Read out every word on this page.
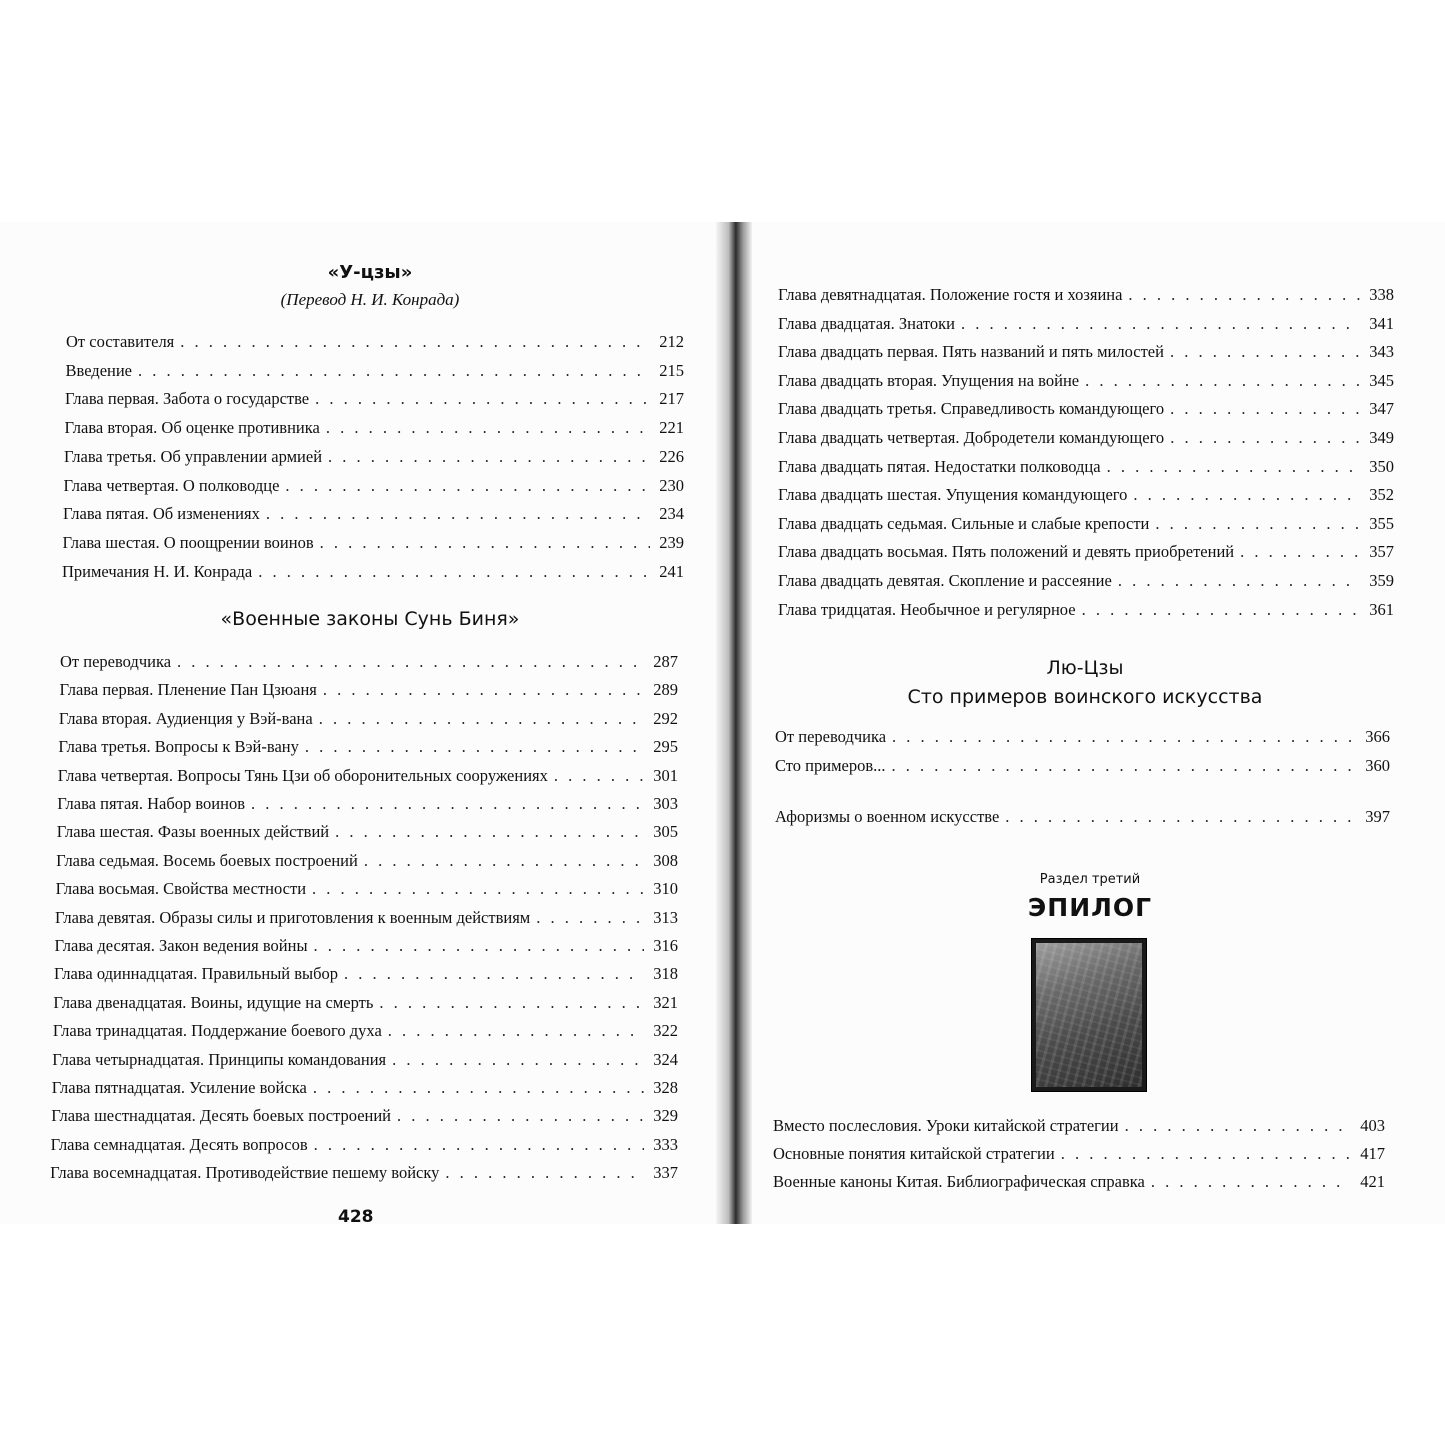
«У-цзы»
(Перевод Н. И. Конрада)
От составителя . . .	212
Введение . . .	215
Глава первая. Забота о государстве . . .	217
Глава вторая. Об оценке противника . . .	221
Глава третья. Об управлении армией . . .	226
Глава четвертая. О полководце . . .	230
Глава пятая. Об изменениях . . .	234
Глава шестая. О поощрении воинов . . .	239
Примечания Н. И. Конрада . . .	241
«Военные законы Сунь Биня»
От переводчика . . .	287
Глава первая. Пленение Пан Цзюаня . . .	289
Глава вторая. Аудиенция у Вэй-вана . . .	292
Глава третья. Вопросы к Вэй-вану . . .	295
Глава четвертая. Вопросы Тянь Цзи об оборонительных сооружениях . . .	301
Глава пятая. Набор воинов . . .	303
Глава шестая. Фазы военных действий . . .	305
Глава седьмая. Восемь боевых построений . . .	308
Глава восьмая. Свойства местности . . .	310
Глава девятая. Образы силы и приготовления к военным действиям . . .	313
Глава десятая. Закон ведения войны . . .	316
Глава одиннадцатая. Правильный выбор . . .	318
Глава двенадцатая. Воины, идущие на смерть . . .	321
Глава тринадцатая. Поддержание боевого духа . . .	322
Глава четырнадцатая. Принципы командования . . .	324
Глава пятнадцатая. Усиление войска . . .	328
Глава шестнадцатая. Десять боевых построений . . .	329
Глава семнадцатая. Десять вопросов . . .	333
Глава восемнадцатая. Противодействие пешему войску . . .	337
428
Глава девятнадцатая. Положение гостя и хозяина . . .	338
Глава двадцатая. Знатоки . . .	341
Глава двадцать первая. Пять названий и пять милостей . . .	343
Глава двадцать вторая. Упущения на войне . . .	345
Глава двадцать третья. Справедливость командующего . . .	347
Глава двадцать четвертая. Добродетели командующего . . .	349
Глава двадцать пятая. Недостатки полководца . . .	350
Глава двадцать шестая. Упущения командующего . . .	352
Глава двадцать седьмая. Сильные и слабые крепости . . .	355
Глава двадцать восьмая. Пять положений и девять приобретений . . .	357
Глава двадцать девятая. Скопление и рассеяние . . .	359
Глава тридцатая. Необычное и регулярное . . .	361
Лю-Цзы
Сто примеров воинского искусства
От переводчика . . .	366
Сто примеров... . . .	360
Афоризмы о военном искусстве . . .	397
Раздел третий
ЭПИЛОГ
Вместо послесловия. Уроки китайской стратегии . . .	403
Основные понятия китайской стратегии . . .	417
Военные каноны Китая. Библиографическая справка . . .	421
